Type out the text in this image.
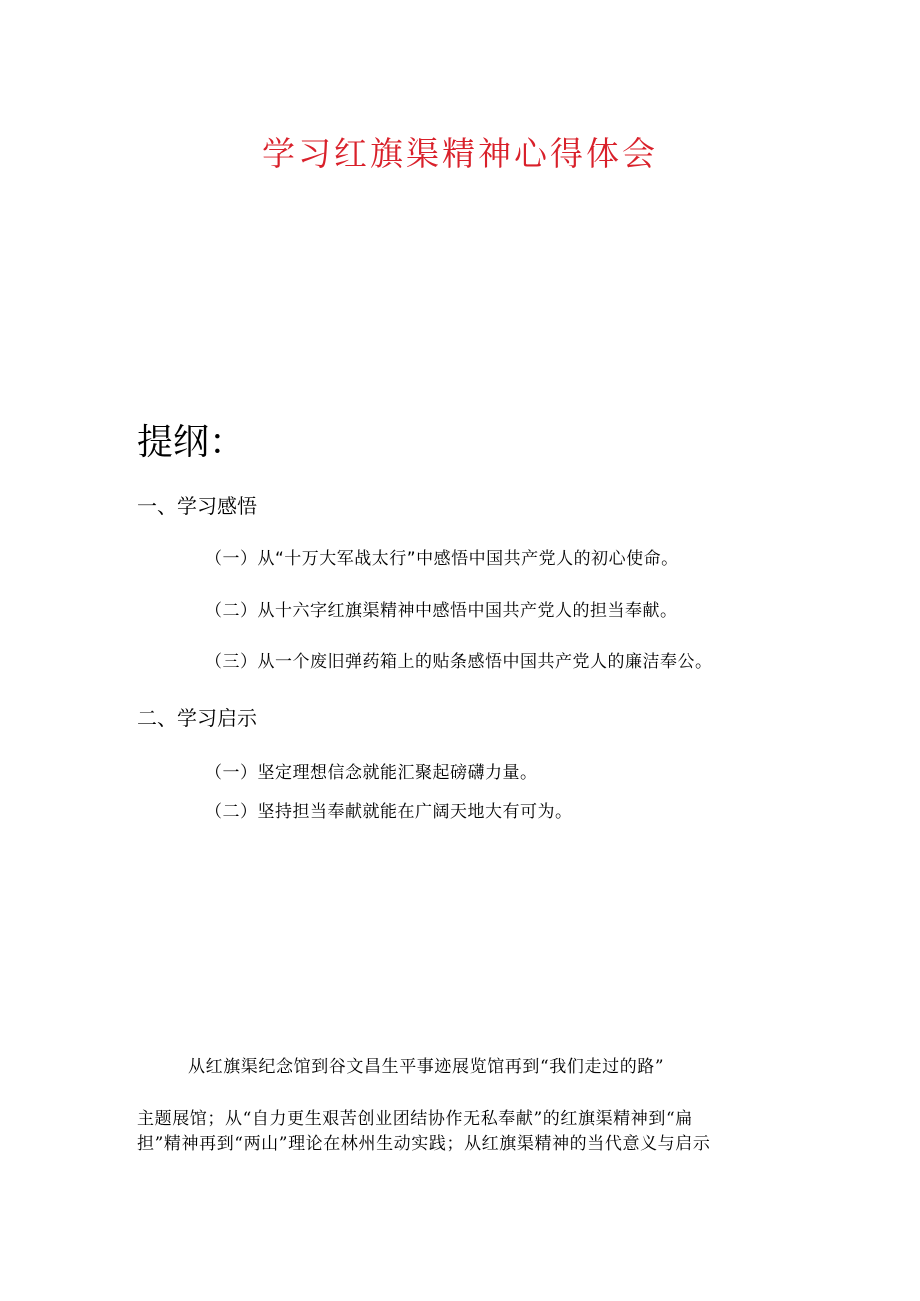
学习红旗渠精神心得体会
提纲：
一、学习感悟
（一）从“十万大军战太行”中感悟中国共产党人的初心使命。
（二）从十六字红旗渠精神中感悟中国共产党人的担当奉献。
（三）从一个废旧弹药箱上的贴条感悟中国共产党人的廉洁奉公。
二、学习启示
（一）坚定理想信念就能汇聚起磅礴力量。
（二）坚持担当奉献就能在广阔天地大有可为。
从红旗渠纪念馆到谷文昌生平事迹展览馆再到“我们走过的路”
主题展馆；从“自力更生艰苦创业团结协作无私奉献”的红旗渠精神到“扁
担”精神再到“两山”理论在林州生动实践；从红旗渠精神的当代意义与启示
